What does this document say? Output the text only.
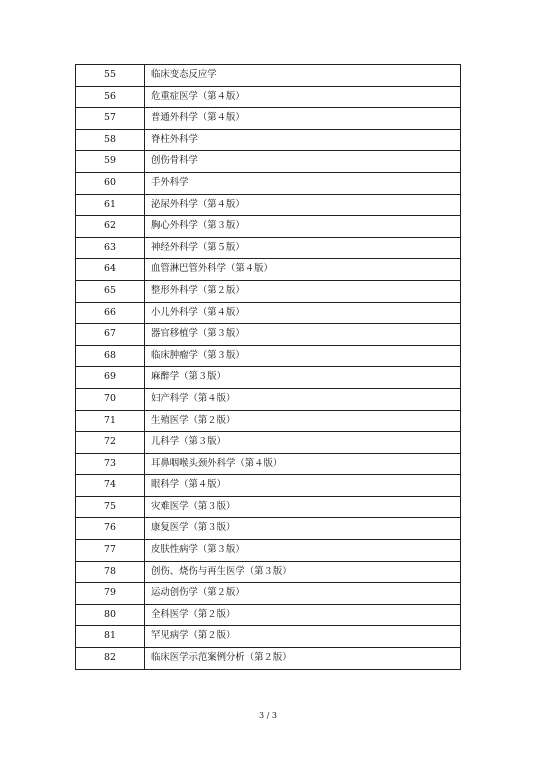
55	临床变态反应学
56	危重症医学（第４版）
57	普通外科学（第４版）
58	脊柱外科学
59	创伤骨科学
60	手外科学
61	泌尿外科学（第４版）
62	胸心外科学（第３版）
63	神经外科学（第５版）
64	血管淋巴管外科学（第４版）
65	整形外科学（第２版）
66	小儿外科学（第４版）
67	器官移植学（第３版）
68	临床肿瘤学（第３版）
69	麻醉学（第３版）
70	妇产科学（第４版）
71	生殖医学（第２版）
72	儿科学（第３版）
73	耳鼻咽喉头颈外科学（第４版）
74	眼科学（第４版）
75	灾难医学（第３版）
76	康复医学（第３版）
77	皮肤性病学（第３版）
78	创伤、烧伤与再生医学（第３版）
79	运动创伤学（第２版）
80	全科医学（第２版）
81	罕见病学（第２版）
82	临床医学示范案例分析（第２版）
3 / 3
